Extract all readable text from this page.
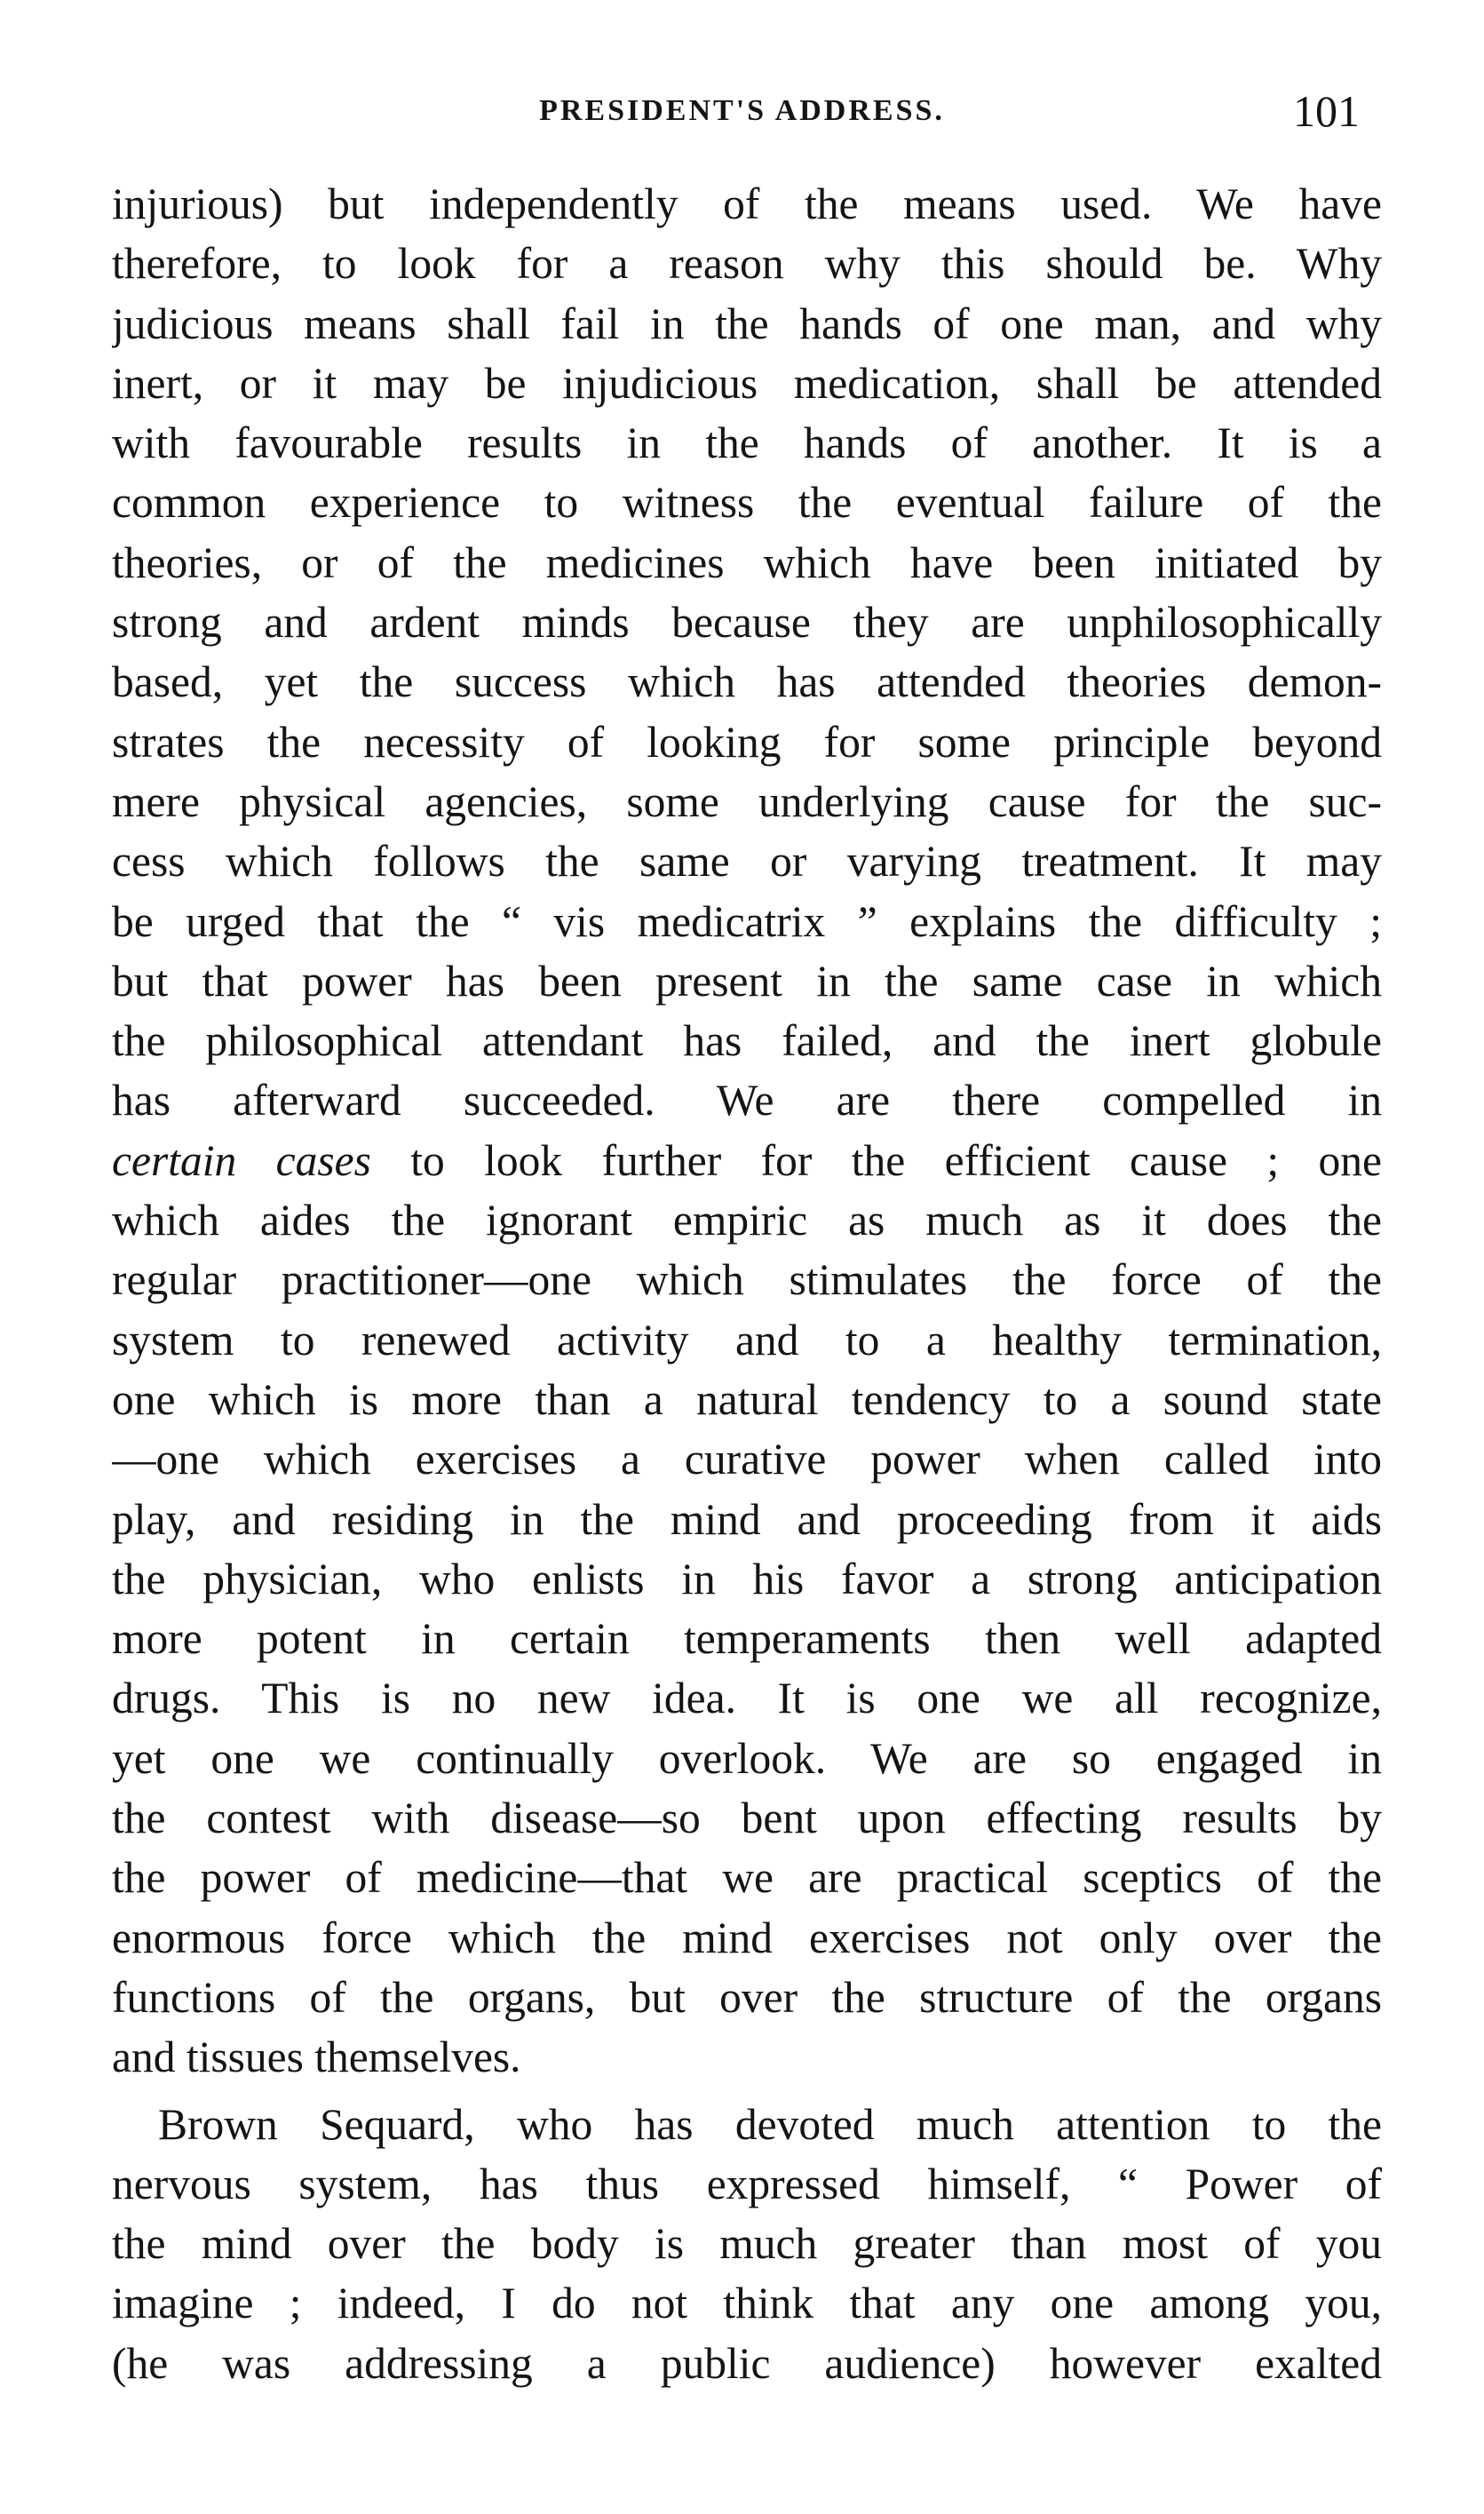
PRESIDENT'S ADDRESS.	101
injurious) but independently of the means used. We have
therefore, to look for a reason why this should be. Why
judicious means shall fail in the hands of one man, and why
inert, or it may be injudicious medication, shall be attended
with favourable results in the hands of another. It is a
common experience to witness the eventual failure of the
theories, or of the medicines which have been initiated by
strong and ardent minds because they are unphilosophically
based, yet the success which has attended theories demon-
strates the necessity of looking for some principle beyond
mere physical agencies, some underlying cause for the suc-
cess which follows the same or varying treatment. It may
be urged that the “ vis medicatrix ” explains the difficulty ;
but that power has been present in the same case in which
the philosophical attendant has failed, and the inert globule
has afterward succeeded. We are there compelled in
certain cases to look further for the efficient cause ; one
which aides the ignorant empiric as much as it does the
regular practitioner—one which stimulates the force of the
system to renewed activity and to a healthy termination,
one which is more than a natural tendency to a sound state
—one which exercises a curative power when called into
play, and residing in the mind and proceeding from it aids
the physician, who enlists in his favor a strong anticipation
more potent in certain temperaments then well adapted
drugs. This is no new idea. It is one we all recognize,
yet one we continually overlook. We are so engaged in
the contest with disease—so bent upon effecting results by
the power of medicine—that we are practical sceptics of the
enormous force which the mind exercises not only over the
functions of the organs, but over the structure of the organs
and tissues themselves.
Brown Sequard, who has devoted much attention to the
nervous system, has thus expressed himself, “ Power of
the mind over the body is much greater than most of you
imagine ; indeed, I do not think that any one among you,
(he was addressing a public audience) however exalted
